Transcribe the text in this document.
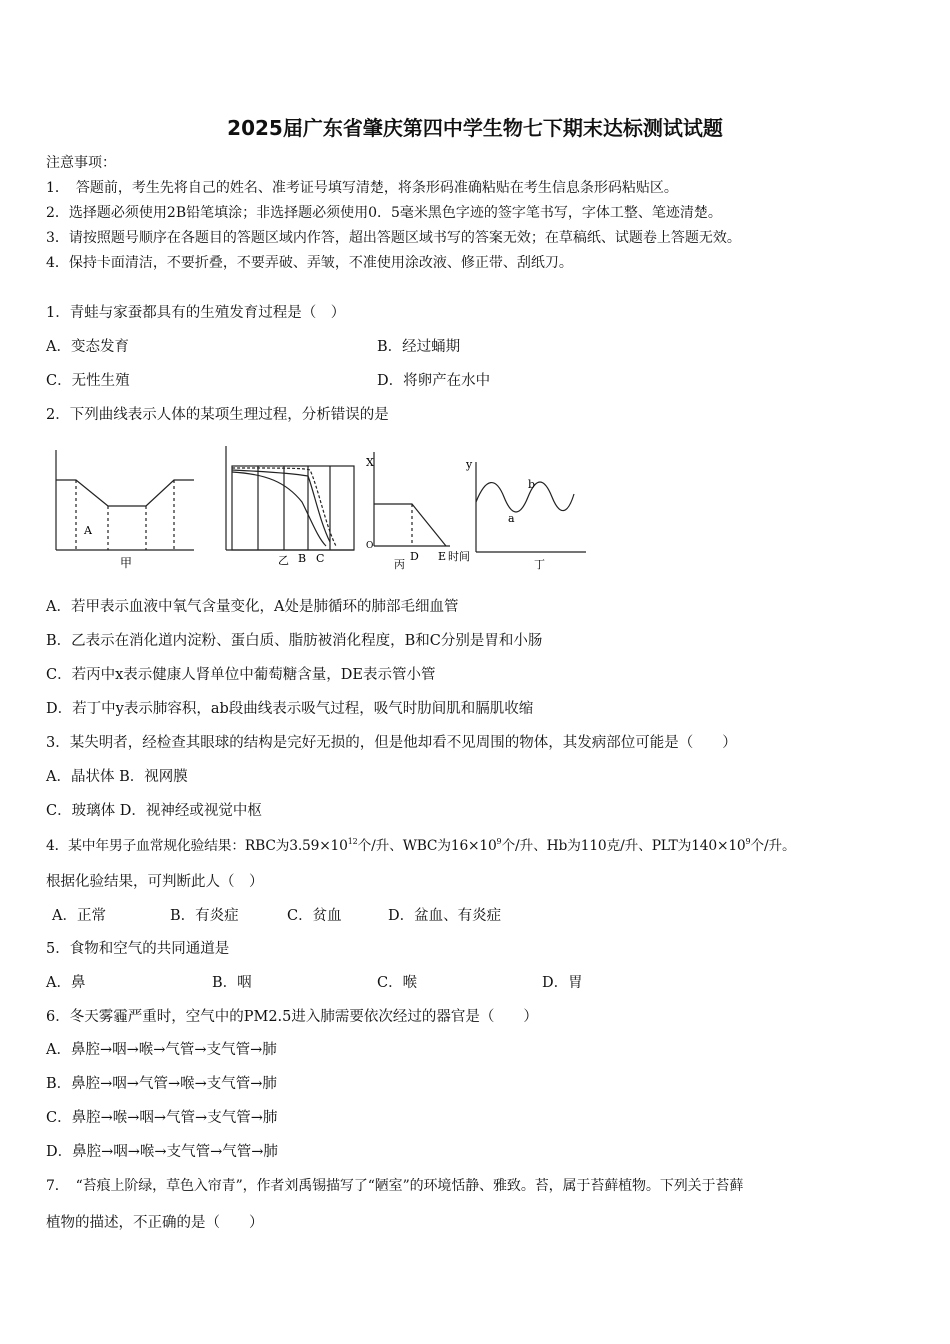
2025届广东省肇庆第四中学生物七下期末达标测试试题
注意事项：
1．　答题前，考生先将自己的姓名、准考证号填写清楚，将条形码准确粘贴在考生信息条形码粘贴区。
2．选择题必须使用2B铅笔填涂；非选择题必须使用0．5毫米黑色字迹的签字笔书写，字体工整、笔迹清楚。
3．请按照题号顺序在各题目的答题区域内作答，超出答题区域书写的答案无效；在草稿纸、试题卷上答题无效。
4．保持卡面清洁，不要折叠，不要弄破、弄皱，不准使用涂改液、修正带、刮纸刀。
1．青蛙与家蚕都具有的生殖发育过程是（　）
A．变态发育	B．经过蛹期
C．无性生殖	D．将卵产在水中
2．下列曲线表示人体的某项生理过程，分析错误的是
A
甲	乙 B C
X
O
D E 时间
丙
y
a
b
丁
A．若甲表示血液中氧气含量变化，A处是肺循环的肺部毛细血管
B．乙表示在消化道内淀粉、蛋白质、脂肪被消化程度，B和C分别是胃和小肠
C．若丙中x表示健康人肾单位中葡萄糖含量，DE表示管小管
D．若丁中y表示肺容积，ab段曲线表示吸气过程，吸气时肋间肌和膈肌收缩
3．某失明者，经检查其眼球的结构是完好无损的，但是他却看不见周围的物体，其发病部位可能是（　　）
A．晶状体 B．视网膜
C．玻璃体 D．视神经或视觉中枢
4．某中年男子血常规化验结果：RBC为$3.59\times 10^{12}$个/升、WBC为$16\times 10^9$个/升、Hb为110克/升、PLT为$140\times 10^9$个/升。
根据化验结果，可判断此人（　）
A．正常	B．有炎症	C．贫血	D．盆血、有炎症
5．食物和空气的共同通道是
A．鼻	B．咽	C．喉	D．胃
6．冬天雾霾严重时，空气中的PM2.5进入肺需要依次经过的器官是（　　）
A．鼻腔→咽→喉→气管→支气管→肺
B．鼻腔→咽→气管→喉→支气管→肺
C．鼻腔→喉→咽→气管→支气管→肺
D．鼻腔→咽→喉→支气管→气管→肺
7．　“苔痕上阶绿，草色入帘青”，作者刘禹锡描写了“陋室”的环境恬静、雅致。苔，属于苔藓植物。下列关于苔藓
植物的描述，不正确的是（　　）
